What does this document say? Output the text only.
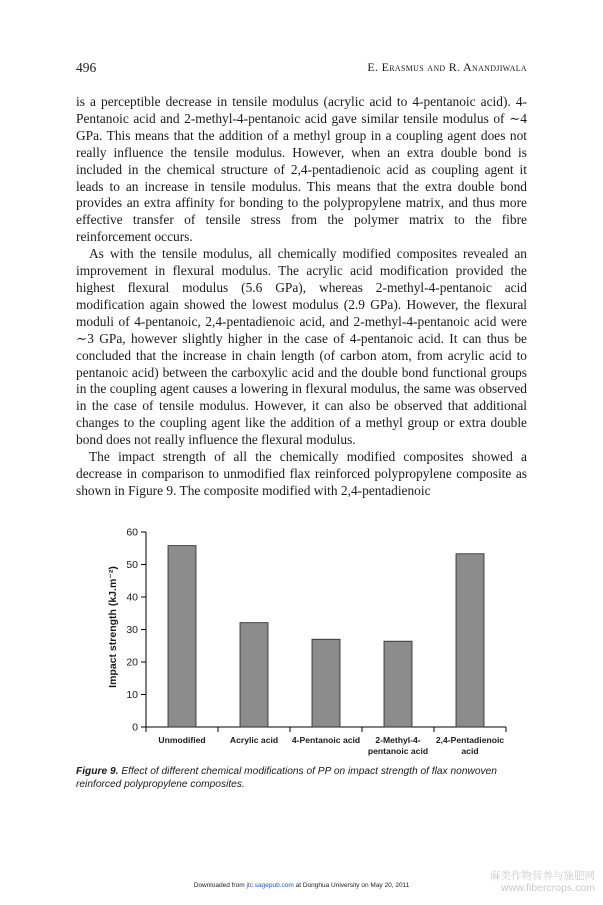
496	E. Erasmus and R. Anandjiwala

is a perceptible decrease in tensile modulus (acrylic acid to 4-pentanoic acid). 4-Pentanoic acid and 2-methyl-4-pentanoic acid gave similar tensile modulus of ∼4 GPa. This means that the addition of a methyl group in a coupling agent does not really influence the tensile modulus. However, when an extra double bond is included in the chemical structure of 2,4-pentadienoic acid as coupling agent it leads to an increase in tensile modulus. This means that the extra double bond provides an extra affinity for bonding to the polypropylene matrix, and thus more effective transfer of tensile stress from the polymer matrix to the fibre reinforcement occurs.

As with the tensile modulus, all chemically modified composites revealed an improvement in flexural modulus. The acrylic acid modification provided the highest flexural modulus (5.6 GPa), whereas 2-methyl-4-pentanoic acid modification again showed the lowest modulus (2.9 GPa). However, the flexural moduli of 4-pentanoic, 2,4-pentadienoic acid, and 2-methyl-4-pentanoic acid were ∼3 GPa, however slightly higher in the case of 4-pentanoic acid. It can thus be concluded that the increase in chain length (of carbon atom, from acrylic acid to pentanoic acid) between the carboxylic acid and the double bond functional groups in the coupling agent causes a lowering in flexural modulus, the same was observed in the case of tensile modulus. However, it can also be observed that additional changes to the coupling agent like the addition of a methyl group or extra double bond does not really influence the flexural modulus.

The impact strength of all the chemically modified composites showed a decrease in comparison to unmodified flax reinforced polypropylene composite as shown in Figure 9. The composite modified with 2,4-pentadienoic

0
10
20
30
40
50
60
Unmodified	Acrylic acid 4-Pentanoic acid 2-Methyl-4-
pentanoic acid
2,4-Pentadienoic
acid
Impact strength (kJ.m⁻²)
Figure 9. Effect of different chemical modifications of PP on impact strength of flax nonwoven reinforced polypropylene composites.
Downloaded from jtc.sagepub.com at Donghua University on May 20, 2011
麻类作物营养与施肥网
www.fibercrops.com
